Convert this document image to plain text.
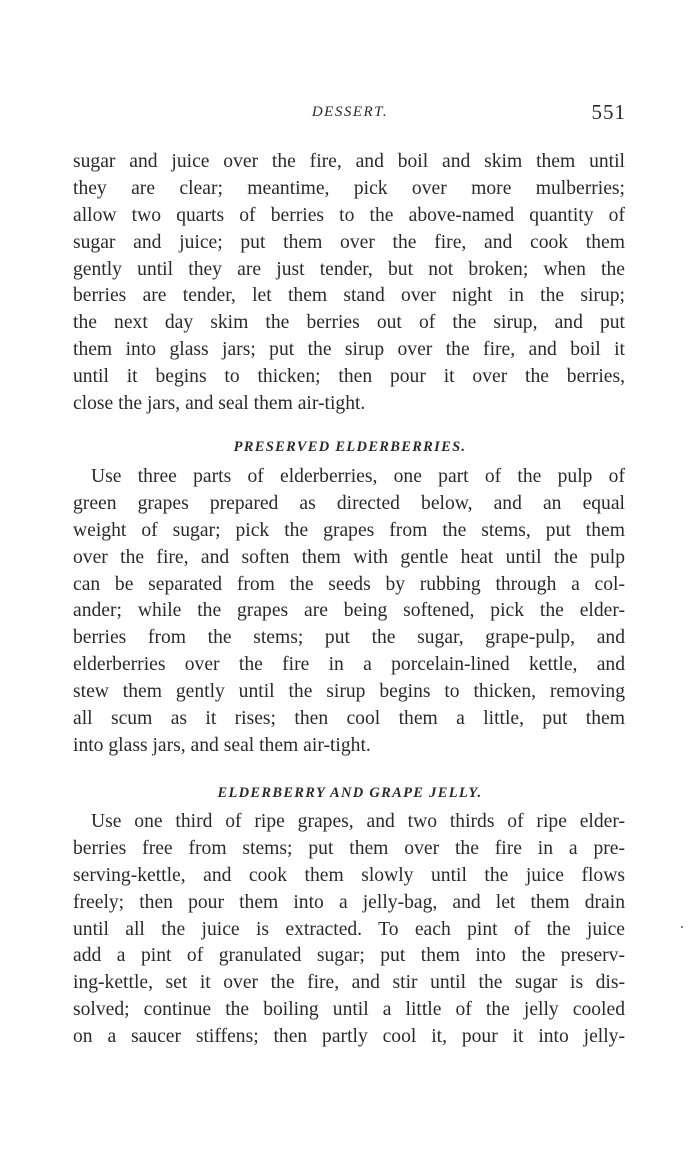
DESSERT.	551
sugar and juice over the fire, and boil and skim them until
they are clear; meantime, pick over more mulberries;
allow two quarts of berries to the above-named quantity of
sugar and juice; put them over the fire, and cook them
gently until they are just tender, but not broken; when the
berries are tender, let them stand over night in the sirup;
the next day skim the berries out of the sirup, and put
them into glass jars; put the sirup over the fire, and boil it
until it begins to thicken; then pour it over the berries,
close the jars, and seal them air-tight.
PRESERVED ELDERBERRIES.
Use three parts of elderberries, one part of the pulp of
green grapes prepared as directed below, and an equal
weight of sugar; pick the grapes from the stems, put them
over the fire, and soften them with gentle heat until the pulp
can be separated from the seeds by rubbing through a col-
ander; while the grapes are being softened, pick the elder-
berries from the stems; put the sugar, grape-pulp, and
elderberries over the fire in a porcelain-lined kettle, and
stew them gently until the sirup begins to thicken, removing
all scum as it rises; then cool them a little, put them
into glass jars, and seal them air-tight.
ELDERBERRY AND GRAPE JELLY.
Use one third of ripe grapes, and two thirds of ripe elder-
berries free from stems; put them over the fire in a pre-
serving-kettle, and cook them slowly until the juice flows
freely; then pour them into a jelly-bag, and let them drain
until all the juice is extracted. To each pint of the juice
add a pint of granulated sugar; put them into the preserv-
ing-kettle, set it over the fire, and stir until the sugar is dis-
solved; continue the boiling until a little of the jelly cooled
on a saucer stiffens; then partly cool it, pour it into jelly-
